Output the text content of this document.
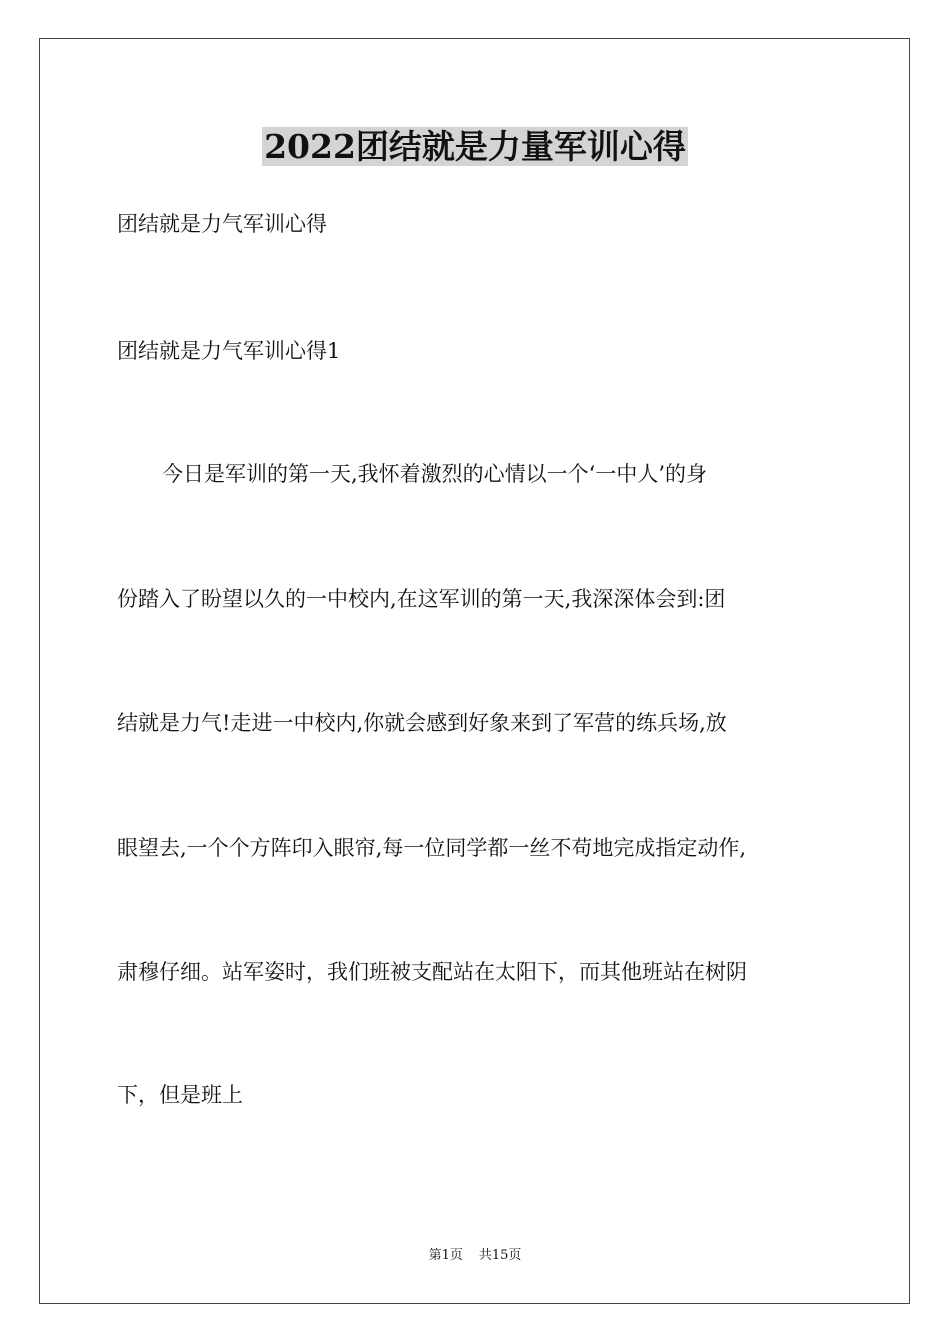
2022团结就是力量军训心得
团结就是力气军训心得
团结就是力气军训心得1
今日是军训的第一天,我怀着激烈的心情以一个‘一中人’的身
份踏入了盼望以久的一中校内,在这军训的第一天,我深深体会到:团
结就是力气!走进一中校内,你就会感到好象来到了军营的练兵场,放
眼望去,一个个方阵印入眼帘,每一位同学都一丝不苟地完成指定动作,
肃穆仔细。站军姿时，我们班被支配站在太阳下，而其他班站在树阴
下，但是班上
第1页 共15页
